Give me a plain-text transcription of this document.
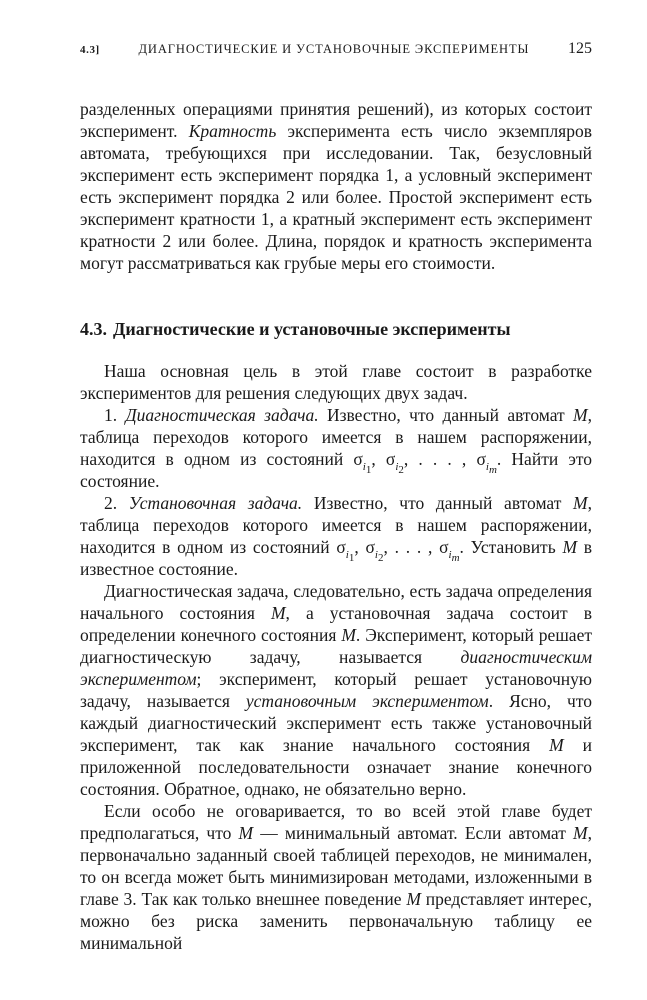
4.3]	ДИАГНОСТИЧЕСКИЕ И УСТАНОВОЧНЫЕ ЭКСПЕРИМЕНТЫ	125

разделенных операциями принятия решений), из которых состоит эксперимент. Кратность эксперимента есть число экземпляров автомата, требующихся при исследовании. Так, безусловный эксперимент есть эксперимент порядка 1, а условный эксперимент есть эксперимент порядка 2 или более. Простой эксперимент есть эксперимент кратности 1, а кратный эксперимент есть эксперимент кратности 2 или более. Длина, порядок и кратность эксперимента могут рассматриваться как грубые меры его стоимости.

4.3. Диагностические и установочные эксперименты

Наша основная цель в этой главе состоит в разработке экспериментов для решения следующих двух задач.

1. Диагностическая задача. Известно, что данный автомат M, таблица переходов которого имеется в нашем распоряжении, находится в одном из состояний $\sigma_{i_1}$, $\sigma_{i_2}$, . . . , $\sigma_{i_m}$. Найти это состояние.

2. Установочная задача. Известно, что данный автомат M, таблица переходов которого имеется в нашем распоряжении, находится в одном из состояний $\sigma_{i_1}$, $\sigma_{i_2}$, . . . , $\sigma_{i_m}$. Установить M в известное состояние.

Диагностическая задача, следовательно, есть задача определения начального состояния M, а установочная задача состоит в определении конечного состояния M. Эксперимент, который решает диагностическую задачу, называется диагностическим экспериментом; эксперимент, который решает установочную задачу, называется установочным экспериментом. Ясно, что каждый диагностический эксперимент есть также установочный эксперимент, так как знание начального состояния M и приложенной последовательности означает знание конечного состояния. Обратное, однако, не обязательно верно.

Если особо не оговаривается, то во всей этой главе будет предполагаться, что M — минимальный автомат. Если автомат M, первоначально заданный своей таблицей переходов, не минимален, то он всегда может быть минимизирован методами, изложенными в главе 3. Так как только внешнее поведение M представляет интерес, можно без риска заменить первоначальную таблицу ее минимальной
